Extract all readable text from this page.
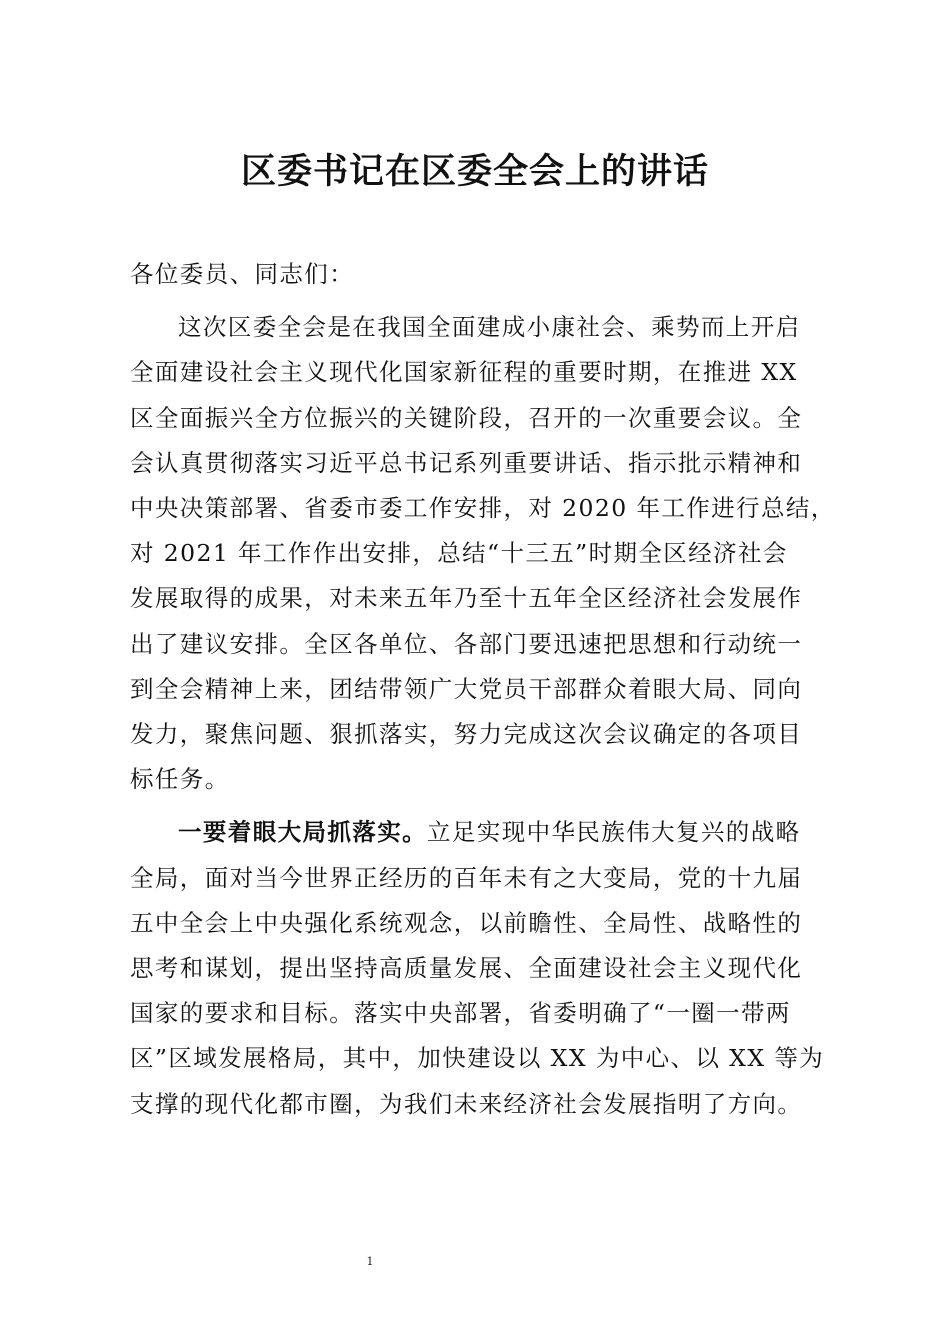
区委书记在区委全会上的讲话

各位委员、同志们：

这次区委全会是在我国全面建成小康社会、乘势而上开启
全面建设社会主义现代化国家新征程的重要时期，在推进 XX
区全面振兴全方位振兴的关键阶段，召开的一次重要会议。全
会认真贯彻落实习近平总书记系列重要讲话、指示批示精神和
中央决策部署、省委市委工作安排，对 2020 年工作进行总结，
对 2021 年工作作出安排，总结“十三五”时期全区经济社会
发展取得的成果，对未来五年乃至十五年全区经济社会发展作
出了建议安排。全区各单位、各部门要迅速把思想和行动统一
到全会精神上来，团结带领广大党员干部群众着眼大局、同向
发力，聚焦问题、狠抓落实，努力完成这次会议确定的各项目
标任务。

一要着眼大局抓落实。立足实现中华民族伟大复兴的战略
全局，面对当今世界正经历的百年未有之大变局，党的十九届
五中全会上中央强化系统观念，以前瞻性、全局性、战略性的
思考和谋划，提出坚持高质量发展、全面建设社会主义现代化
国家的要求和目标。落实中央部署，省委明确了“一圈一带两
区”区域发展格局，其中，加快建设以 XX 为中心、以 XX 等为
支撑的现代化都市圈，为我们未来经济社会发展指明了方向。

1
